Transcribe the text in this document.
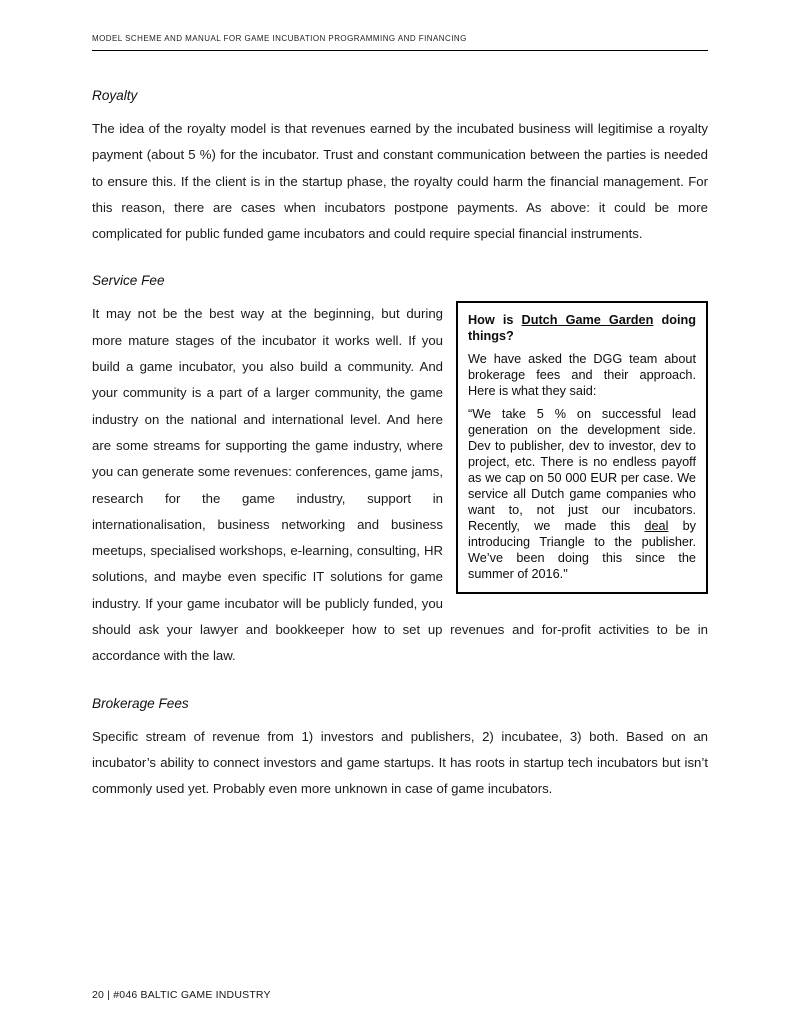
MODEL SCHEME AND MANUAL FOR GAME INCUBATION PROGRAMMING AND FINANCING
Royalty

The idea of the royalty model is that revenues earned by the incubated business will legitimise a royalty payment (about 5 %) for the incubator. Trust and constant communication between the parties is needed to ensure this. If the client is in the startup phase, the royalty could harm the financial management. For this reason, there are cases when incubators postpone payments. As above: it could be more complicated for public funded game incubators and could require special financial instruments.

Service Fee

How is Dutch Game Garden doing things?

We have asked the DGG team about brokerage fees and their approach. Here is what they said:

“We take 5 % on successful lead generation on the development side. Dev to publisher, dev to investor, dev to project, etc. There is no endless payoff as we cap on 50 000 EUR per case. We service all Dutch game companies who want to, not just our incubators. Recently, we made this deal by introducing Triangle to the publisher. We’ve been doing this since the summer of 2016."

It may not be the best way at the beginning, but during more mature stages of the incubator it works well. If you build a game incubator, you also build a community. And your community is a part of a larger community, the game industry on the national and international level. And here are some streams for supporting the game industry, where you can generate some revenues: conferences, game jams, research for the game industry, support in internationalisation, business networking and business meetups, specialised workshops, e-learning, consulting, HR solutions, and maybe even specific IT solutions for game industry. If your game incubator will be publicly funded, you should ask your lawyer and bookkeeper how to set up revenues and for-profit activities to be in accordance with the law.

Brokerage Fees

Specific stream of revenue from 1) investors and publishers, 2) incubatee, 3) both. Based on an incubator’s ability to connect investors and game startups. It has roots in startup tech incubators but isn’t commonly used yet. Probably even more unknown in case of game incubators.

20 | #046 BALTIC GAME INDUSTRY
